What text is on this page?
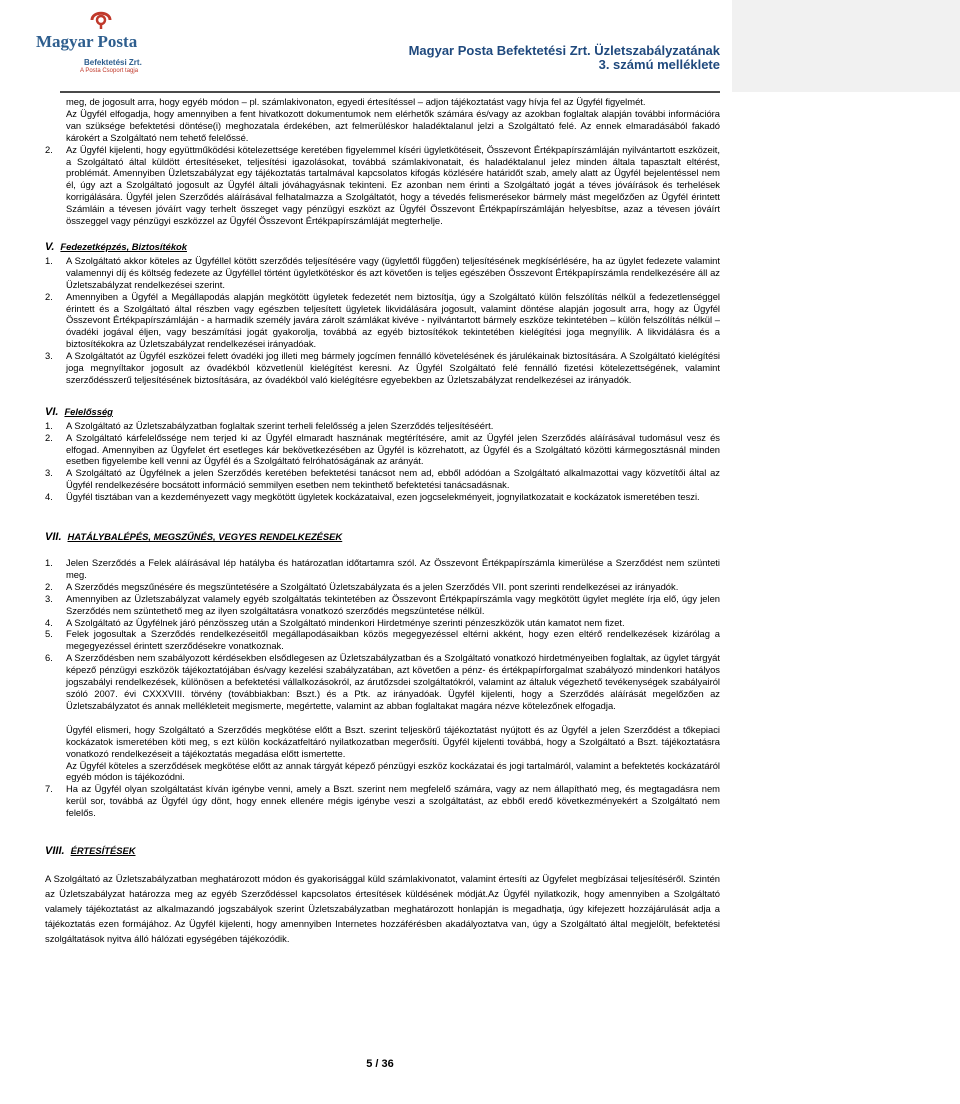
Magyar Posta
Befektetési Zrt.
A Posta Csoport tagja
Magyar Posta Befektetési Zrt. Üzletszabályzatának
3. számú melléklete

meg, de jogosult arra, hogy egyéb módon – pl. számlakivonaton, egyedi értesítéssel – adjon tájékoztatást vagy hívja fel az Ügyfél figyelmét.

Az Ügyfél elfogadja, hogy amennyiben a fent hivatkozott dokumentumok nem elérhetők számára és/vagy az azokban foglaltak alapján további információra van szüksége befektetési döntése(i) meghozatala érdekében, azt felmerüléskor haladéktalanul jelzi a Szolgáltató felé. Az ennek elmaradásából fakadó károkért a Szolgáltató nem tehető felelőssé.

2. Az Ügyfél kijelenti, hogy együttműködési kötelezettsége keretében figyelemmel kíséri ügyletkötéseit, Összevont Értékpapírszámláján nyilvántartott eszközeit, a Szolgáltató által küldött értesítéseket, teljesítési igazolásokat, továbbá számlakivonatait, és haladéktalanul jelez minden általa tapasztalt eltérést, problémát. Amennyiben Üzletszabályzat egy tájékoztatás tartalmával kapcsolatos kifogás közlésére határidőt szab, amely alatt az Ügyfél bejelentéssel nem él, úgy azt a Szolgáltató jogosult az Ügyfél általi jóváhagyásnak tekinteni. Ez azonban nem érinti a Szolgáltató jogát a téves jóváírások és terhelések korrigálására. Ügyfél jelen Szerződés aláírásával felhatalmazza a Szolgáltatót, hogy a tévedés felismerésekor bármely mást megelőzően az Ügyfél érintett Számláin a tévesen jóváírt vagy terhelt összeget vagy pénzügyi eszközt az Ügyfél Összevont Értékpapírszámláján helyesbítse, azaz a tévesen jóváírt összeggel vagy pénzügyi eszközzel az Ügyfél Összevont Értékpapírszámláját megterhelje.

V. Fedezetképzés, Biztosítékok
1. A Szolgáltató akkor köteles az Ügyféllel kötött szerződés teljesítésére vagy (ügylettől függően) teljesítésének megkísérlésére, ha az ügylet fedezete valamint valamennyi díj és költség fedezete az Ügyféllel történt ügyletkötéskor és azt követően is teljes egészében Összevont Értékpapírszámla rendelkezésére áll az Üzletszabályzat rendelkezései szerint.

2. Amennyiben a Ügyfél a Megállapodás alapján megkötött ügyletek fedezetét nem biztosítja, úgy a Szolgáltató külön felszólítás nélkül a fedezetlenséggel érintett és a Szolgáltató által részben vagy egészben teljesített ügyletek likvidálására jogosult, valamint döntése alapján jogosult arra, hogy az Ügyfél Összevont Értékpapírszámláján - a harmadik személy javára zárolt számlákat kivéve - nyilvántartott bármely eszköze tekintetében – külön felszólítás nélkül – óvadéki jogával éljen, vagy beszámítási jogát gyakorolja, továbbá az egyéb biztosítékok tekintetében kielégítési joga megnyílik. A likvidálásra és a biztosítékokra az Üzletszabályzat rendelkezései irányadóak.

3. A Szolgáltatót az Ügyfél eszközei felett óvadéki jog illeti meg bármely jogcímen fennálló követelésének és járulékainak biztosítására. A Szolgáltató kielégítési joga megnyíltakor jogosult az óvadékból közvetlenül kielégítést keresni. Az Ügyfél Szolgáltató felé fennálló fizetési kötelezettségének, valamint szerződésszerű teljesítésének biztosítására, az óvadékból való kielégítésre egyebekben az Üzletszabályzat rendelkezései az irányadók.

VI. Felelősség
1. A Szolgáltató az Üzletszabályzatban foglaltak szerint terheli felelősség a jelen Szerződés teljesítéséért.

2. A Szolgáltató kárfelelőssége nem terjed ki az Ügyfél elmaradt hasznának megtérítésére, amit az Ügyfél jelen Szerződés aláírásával tudomásul vesz és elfogad. Amennyiben az Ügyfelet ért esetleges kár bekövetkezésében az Ügyfél is közrehatott, az Ügyfél és a Szolgáltató közötti kármegosztásnál minden esetben figyelembe kell venni az Ügyfél és a Szolgáltató felróhatóságának az arányát.

3. A Szolgáltató az Ügyfélnek a jelen Szerződés keretében befektetési tanácsot nem ad, ebből adódóan a Szolgáltató alkalmazottai vagy közvetítői által az Ügyfél rendelkezésére bocsátott információ semmilyen esetben nem tekinthető befektetési tanácsadásnak.

4. Ügyfél tisztában van a kezdeményezett vagy megkötött ügyletek kockázataival, ezen jogcselekményeit, jognyilatkozatait e kockázatok ismeretében teszi.

VII. HATÁLYBALÉPÉS, MEGSZŰNÉS, VEGYES RENDELKEZÉSEK
1. Jelen Szerződés a Felek aláírásával lép hatályba és határozatlan időtartamra szól. Az Összevont Értékpapírszámla kimerülése a Szerződést nem szünteti meg.

2. A Szerződés megszűnésére és megszüntetésére a Szolgáltató Üzletszabályzata és a jelen Szerződés VII. pont szerinti rendelkezései az irányadók.

3. Amennyiben az Üzletszabályzat valamely egyéb szolgáltatás tekintetében az Összevont Értékpapírszámla vagy megkötött ügylet megléte írja elő, úgy jelen Szerződés nem szüntethető meg az ilyen szolgáltatásra vonatkozó szerződés megszüntetése nélkül.

4. A Szolgáltató az Ügyfélnek járó pénzösszeg után a Szolgáltató mindenkori Hirdetménye szerinti pénzeszközök után kamatot nem fizet.

5. Felek jogosultak a Szerződés rendelkezéseitől megállapodásaikban közös megegyezéssel eltérni akként, hogy ezen eltérő rendelkezések kizárólag a megegyezéssel érintett szerződésekre vonatkoznak.

6. A Szerződésben nem szabályozott kérdésekben elsődlegesen az Üzletszabályzatban és a Szolgáltató vonatkozó hirdetményeiben foglaltak, az ügylet tárgyát képező pénzügyi eszközök tájékoztatójában és/vagy kezelési szabályzatában, azt követően a pénz- és értékpapírforgalmat szabályozó mindenkori hatályos jogszabályi rendelkezések, különösen a befektetési vállalkozásokról, az árutőzsdei szolgáltatókról, valamint az általuk végezhető tevékenységek szabályairól szóló 2007. évi CXXXVIII. törvény (továbbiakban: Bszt.) és a Ptk. az irányadóak. Ügyfél kijelenti, hogy a Szerződés aláírását megelőzően az Üzletszabályzatot és annak mellékleteit megismerte, megértette, valamint az abban foglaltakat magára nézve kötelezőnek elfogadja.

Ügyfél elismeri, hogy Szolgáltató a Szerződés megkötése előtt a Bszt. szerint teljeskörű tájékoztatást nyújtott és az Ügyfél a jelen Szerződést a tőkepiaci kockázatok ismeretében köti meg, s ezt külön kockázatfeltáró nyilatkozatban megerősíti. Ügyfél kijelenti továbbá, hogy a Szolgáltató a Bszt. tájékoztatásra vonatkozó rendelkezéseit a tájékoztatás megadása előtt ismertette.

Az Ügyfél köteles a szerződések megkötése előtt az annak tárgyát képező pénzügyi eszköz kockázatai és jogi tartalmáról, valamint a befektetés kockázatáról egyéb módon is tájékozódni.

7. Ha az Ügyfél olyan szolgáltatást kíván igénybe venni, amely a Bszt. szerint nem megfelelő számára, vagy az nem állapítható meg, és megtagadásra nem kerül sor, továbbá az Ügyfél úgy dönt, hogy ennek ellenére mégis igénybe veszi a szolgáltatást, az ebből eredő következményekért a Szolgáltató nem felelős.

VIII. ÉRTESÍTÉSEK

A Szolgáltató az Üzletszabályzatban meghatározott módon és gyakorisággal küld számlakivonatot, valamint értesíti az Ügyfelet megbízásai teljesítéséről. Szintén az Üzletszabályzat határozza meg az egyéb Szerződéssel kapcsolatos értesítések küldésének módját.Az Ügyfél nyilatkozik, hogy amennyiben a Szolgáltató valamely tájékoztatást az alkalmazandó jogszabályok szerint Üzletszabályzatban meghatározott honlapján is megadhatja, úgy kifejezett hozzájárulását adja a tájékoztatás ezen formájához. Az Ügyfél kijelenti, hogy amennyiben Internetes hozzáférésben akadályoztatva van, úgy a Szolgáltató által megjelölt, befektetési szolgáltatások nyitva álló hálózati egységében tájékozódik.

5 / 36
